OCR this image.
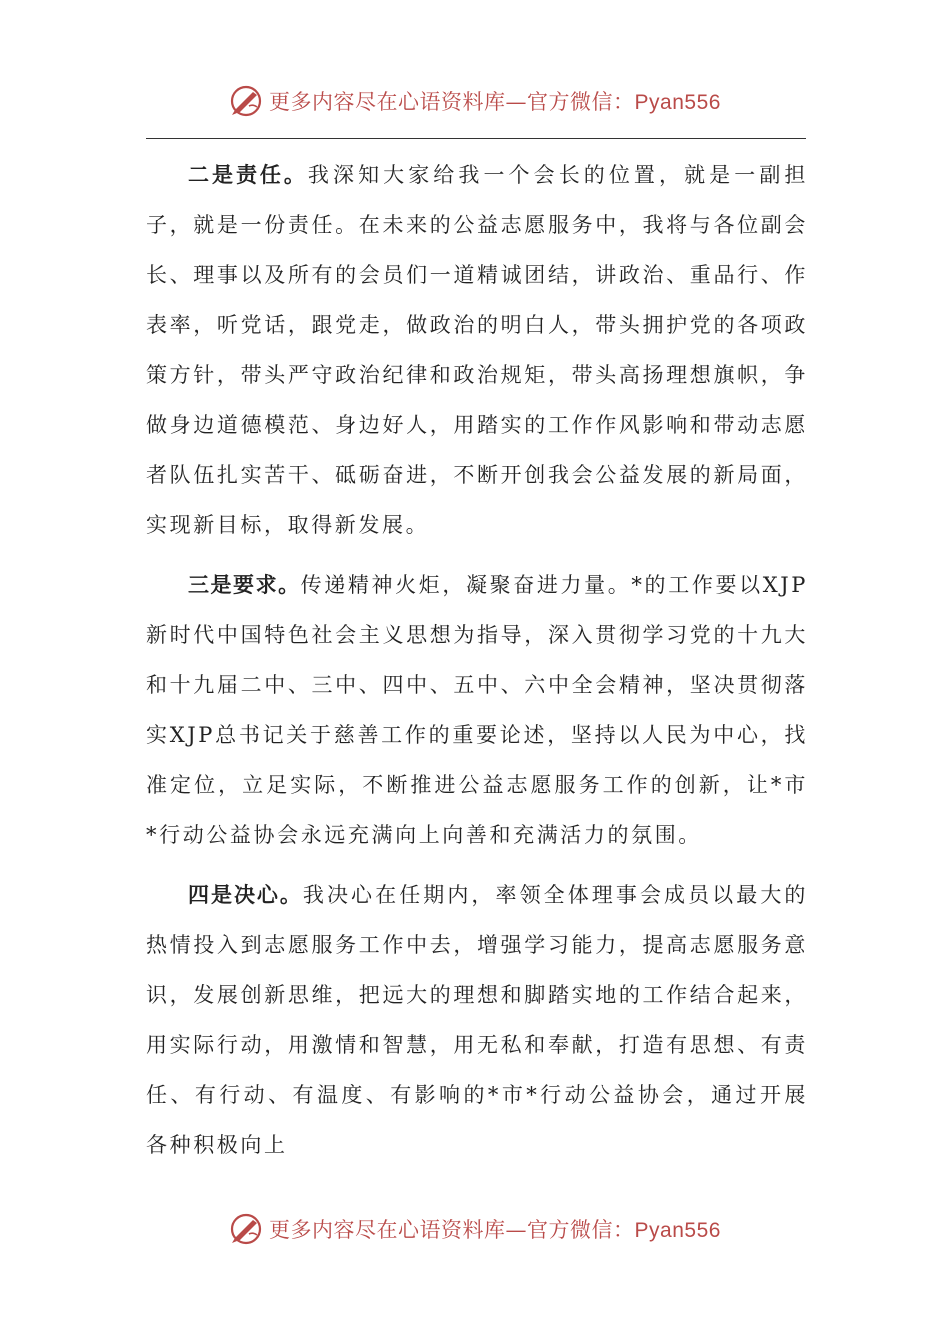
更多内容尽在心语资料库—官方微信：Pyan556

二是责任。我深知大家给我一个会长的位置，就是一副担子，就是一份责任。在未来的公益志愿服务中，我将与各位副会长、理事以及所有的会员们一道精诚团结，讲政治、重品行、作表率，听党话，跟党走，做政治的明白人，带头拥护党的各项政策方针，带头严守政治纪律和政治规矩，带头高扬理想旗帜，争做身边道德模范、身边好人，用踏实的工作作风影响和带动志愿者队伍扎实苦干、砥砺奋进，不断开创我会公益发展的新局面，实现新目标，取得新发展。

三是要求。传递精神火炬，凝聚奋进力量。*的工作要以XJP新时代中国特色社会主义思想为指导，深入贯彻学习党的十九大和十九届二中、三中、四中、五中、六中全会精神，坚决贯彻落实XJP总书记关于慈善工作的重要论述，坚持以人民为中心，找准定位，立足实际，不断推进公益志愿服务工作的创新，让*市*行动公益协会永远充满向上向善和充满活力的氛围。

四是决心。我决心在任期内，率领全体理事会成员以最大的热情投入到志愿服务工作中去，增强学习能力，提高志愿服务意识，发展创新思维，把远大的理想和脚踏实地的工作结合起来，用实际行动，用激情和智慧，用无私和奉献，打造有思想、有责任、有行动、有温度、有影响的*市*行动公益协会，通过开展各种积极向上

更多内容尽在心语资料库—官方微信：Pyan556
